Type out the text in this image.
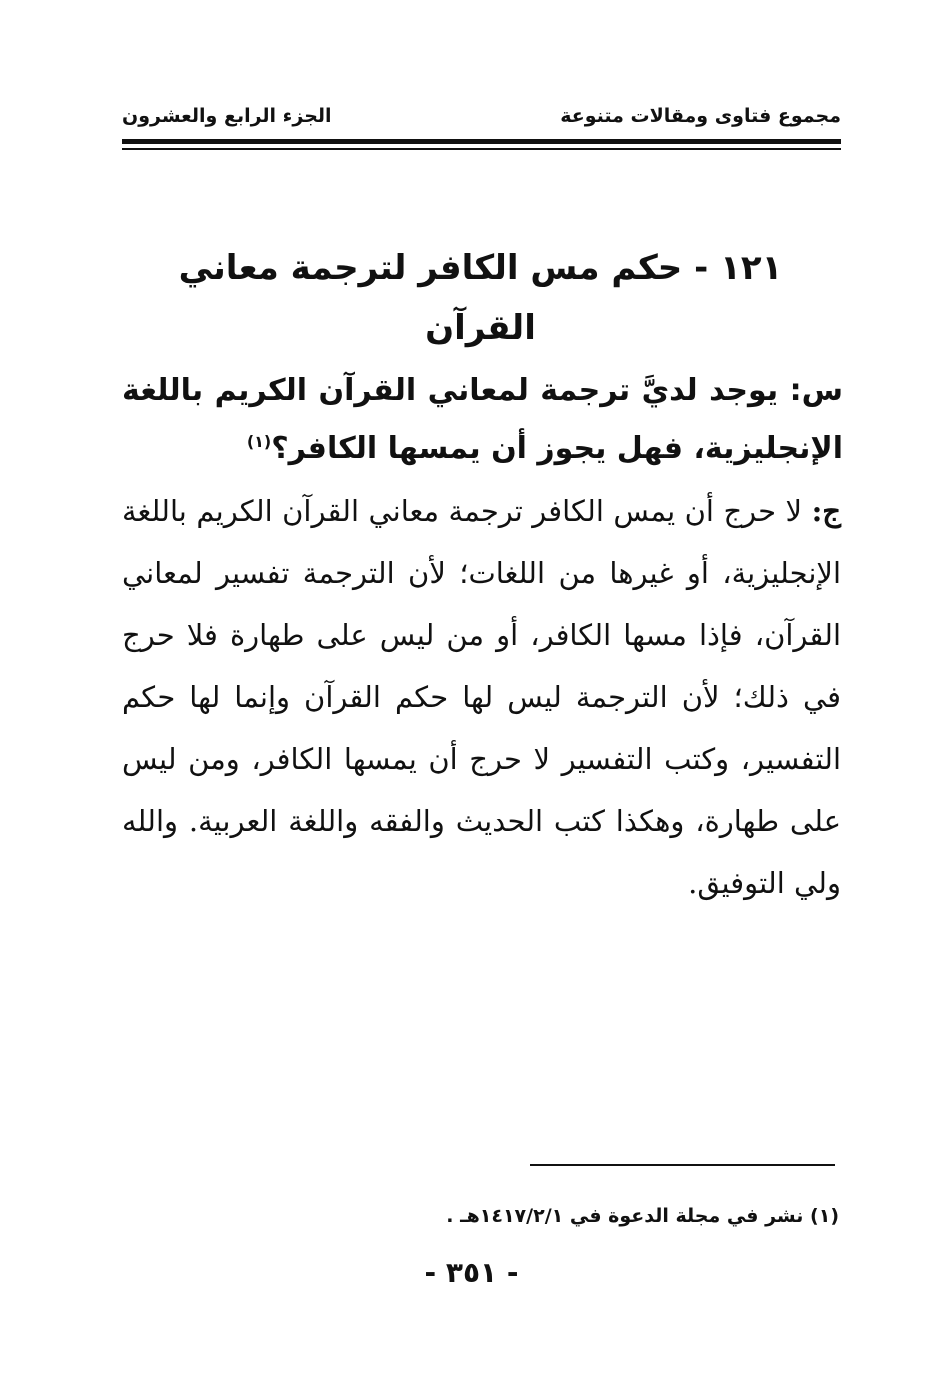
مجموع فتاوى ومقالات متنوعة
الجزء الرابع والعشرون
١٢١ - حكم مس الكافر لترجمة معاني القرآن
س: يوجد لديَّ ترجمة لمعاني القرآن الكريم باللغة الإنجليزية، فهل يجوز أن يمسها الكافر؟$^{(١)}$
ج: لا حرج أن يمس الكافر ترجمة معاني القرآن الكريم باللغة الإنجليزية، أو غيرها من اللغات؛ لأن الترجمة تفسير لمعاني القرآن، فإذا مسها الكافر، أو من ليس على طهارة فلا حرج في ذلك؛ لأن الترجمة ليس لها حكم القرآن وإنما لها حكم التفسير، وكتب التفسير لا حرج أن يمسها الكافر، ومن ليس على طهارة، وهكذا كتب الحديث والفقه واللغة العربية. والله ولي التوفيق.
(١) نشر في مجلة الدعوة في ١٤١٧/٢/١هـ .
- ٣٥١ -
